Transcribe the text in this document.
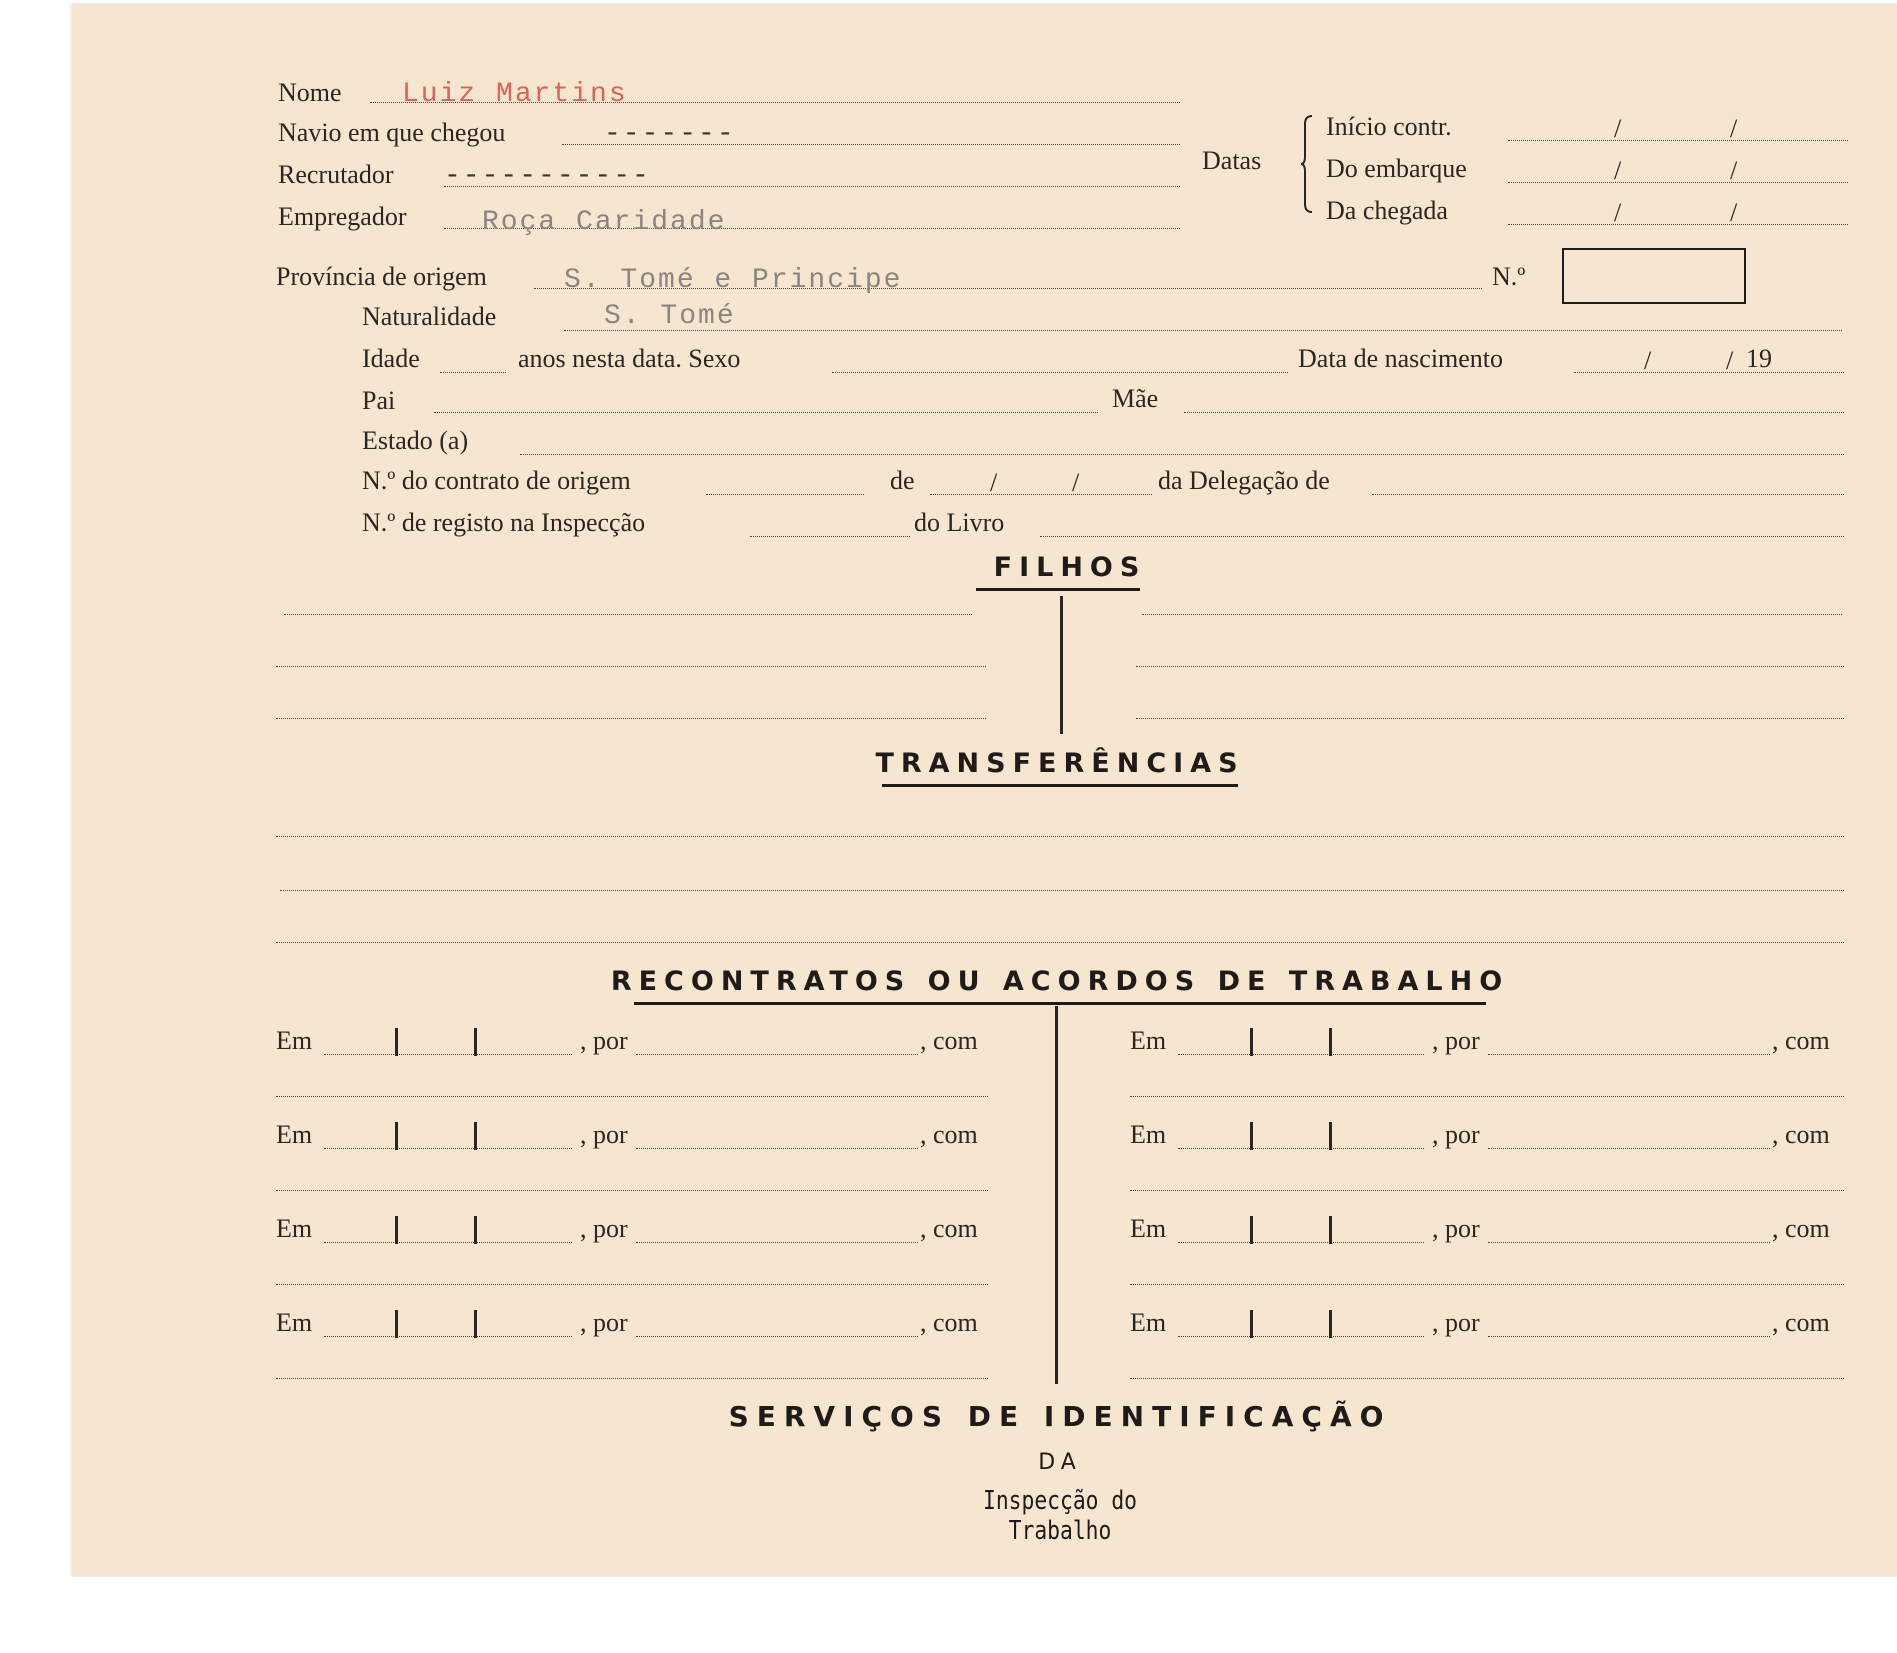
Nome Luiz Martins
Navio em que chegou	-------
Recrutador -----------
Empregador	Roça Caridade
Datas
Início contr.	/	/
Do embarque	/	/
Da chegada	/	/
Província de origem	S. Tomé e Principe	N.º
Naturalidade	S. Tomé
Idade	anos nesta data. Sexo	Data de nascimento	/	/ 19
Pai	Mãe
Estado (a)
N.º do contrato de origem	de	/	/	da Delegação de
N.º de registo na Inspecção	do Livro
FILHOS
TRANSFERÊNCIAS
RECONTRATOS OU ACORDOS DE TRABALHO
Em	, por	, com	Em	, por	, com
Em	, por	, com	Em	, por	, com
Em	, por	, com	Em	, por	, com
Em	, por	, com	Em	, por	, com
SERVIÇOS DE IDENTIFICAÇÃO
DA
Inspecção do Trabalho
